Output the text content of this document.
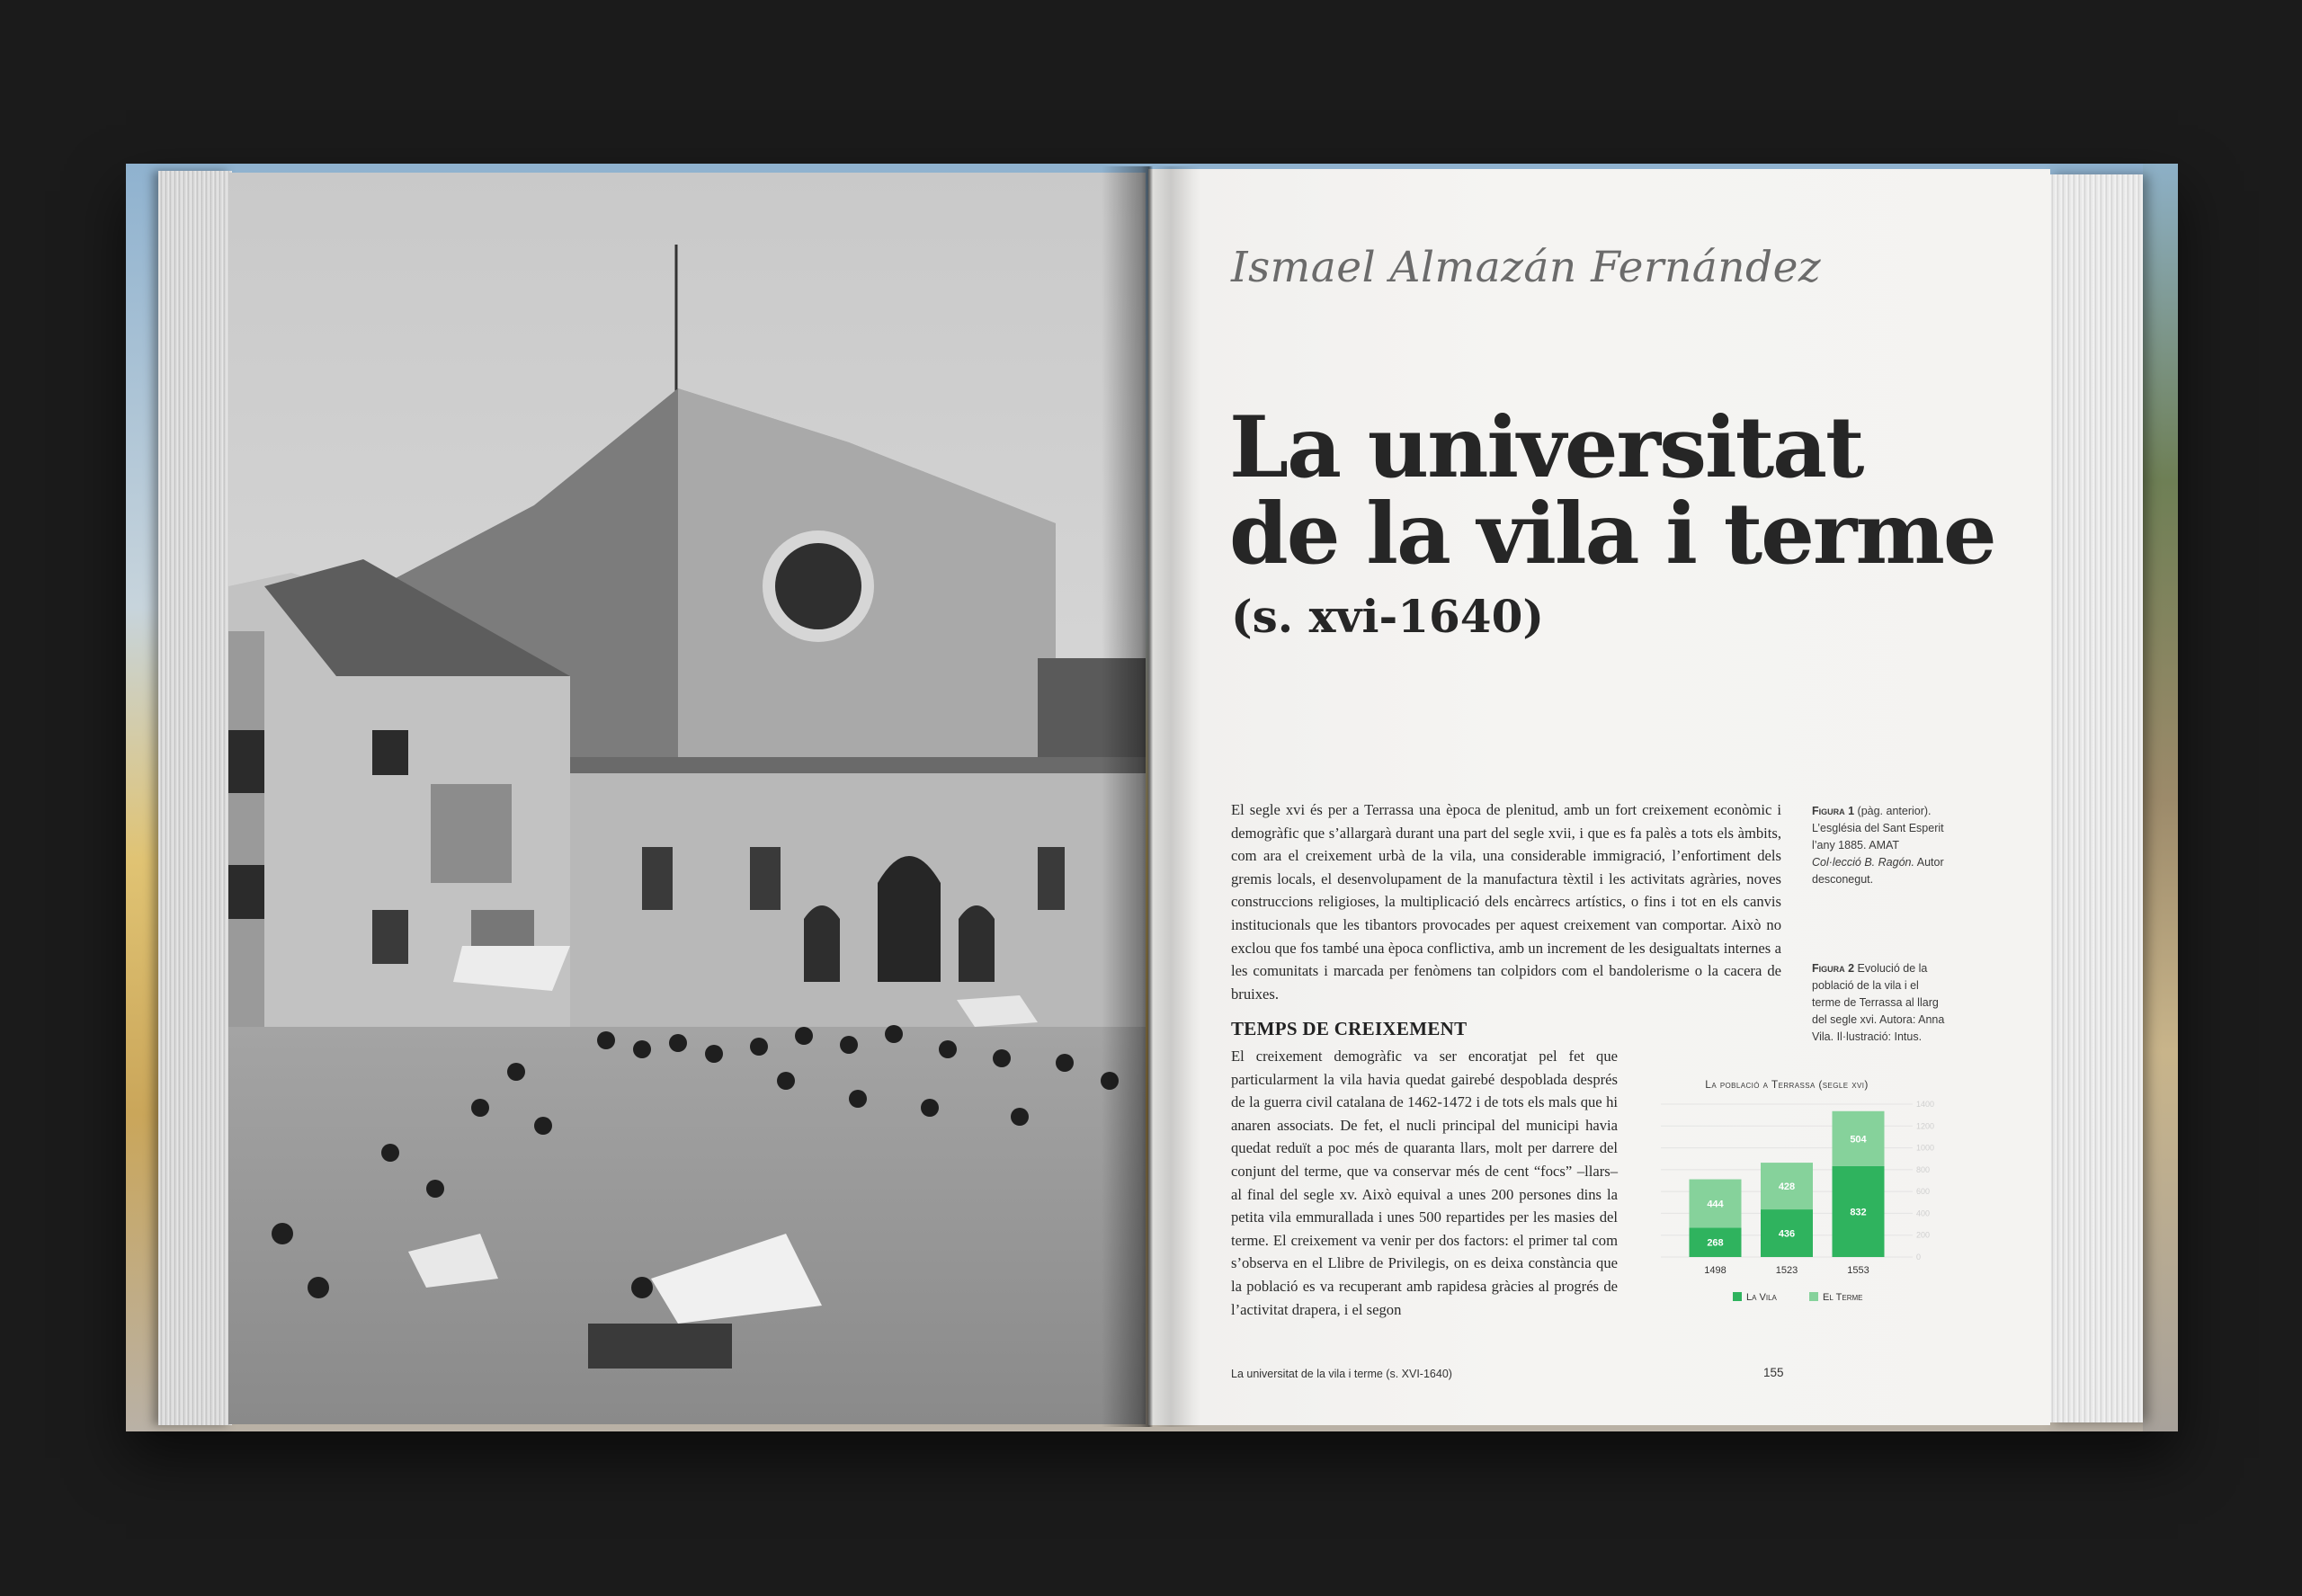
Ismael Almazán Fernández

La universitat
de la vila i terme

(s. xvi-1640)

El segle xvi és per a Terrassa una època de plenitud, amb un fort creixement econòmic i demogràfic que s’allargarà durant una part del segle xvii, i que es fa palès a tots els àmbits, com ara el creixement urbà de la vila, una considerable immigració, l’enfortiment dels gremis locals, el desenvolupament de la manufactura tèxtil i les activitats agràries, noves construccions religioses, la multiplicació dels encàrrecs artístics, o fins i tot en els canvis institucionals que les tibantors provocades per aquest creixement van comportar. Això no exclou que fos també una època conflictiva, amb un increment de les desigualtats internes a les comunitats i marcada per fenòmens tan colpidors com el bandolerisme o la cacera de bruixes.

TEMPS DE CREIXEMENT

El creixement demogràfic va ser encoratjat pel fet que particularment la vila havia quedat gairebé despoblada després de la guerra civil catalana de 1462-1472 i de tots els mals que hi anaren associats. De fet, el nucli principal del municipi havia quedat reduït a poc més de quaranta llars, molt per darrere del conjunt del terme, que va conservar més de cent “focs” –llars– al final del segle xv. Això equival a unes 200 persones dins la petita vila emmurallada i unes 500 repartides per les masies del terme. El creixement va venir per dos factors: el primer tal com s’observa en el Llibre de Privilegis, on es deixa constància que la població es va recuperant amb rapidesa gràcies al progrés de l’activitat drapera, i el segon

Figura 1 (pàg. anterior). L’església del Sant Esperit l’any 1885. AMAT Col·lecció B. Ragón. Autor desconegut.

Figura 2 Evolució de la població de la vila i el terme de Terrassa al llarg del segle xvi. Autora: Anna Vila. Il·lustració: Intus.

La població a Terrassa (segle xvi)
0
200
400
600
800
1000
1200
1400
268
444
1498
436
428
1523
832
504
1553
La Vila	El Terme

La universitat de la vila i terme (s. XVI-1640)	155
